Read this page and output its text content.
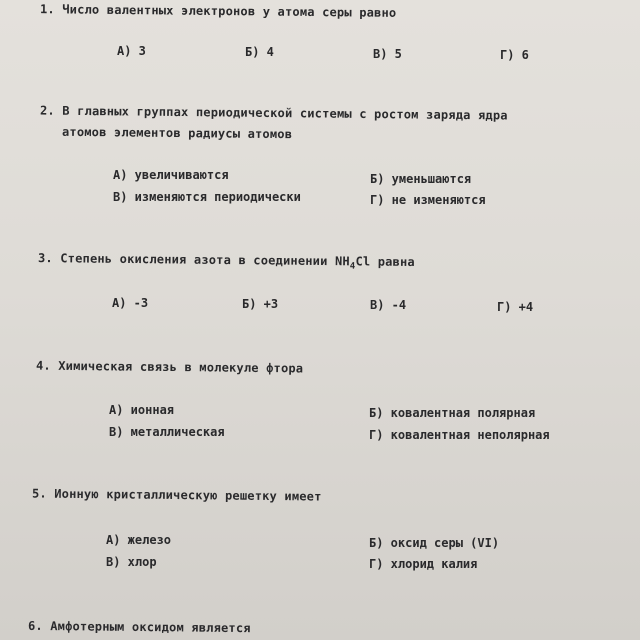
1. Число валентных электронов у атома серы равно
А) 3	Б) 4	В) 5	Г) 6
2. В главных группах периодической системы с ростом заряда ядра
атомов элементов радиусы атомов
А) увеличиваются	Б) уменьшаются
В) изменяются периодически	Г) не изменяются
3. Степень окисления азота в соединении $NH_4Cl$ равна
А) -3	Б) +3	В) -4	Г) +4
4. Химическая связь в молекуле фтора
А) ионная	Б) ковалентная полярная
В) металлическая	Г) ковалентная неполярная
5. Ионную кристаллическую решетку имеет
А) железо	Б) оксид серы (VI)
В) хлор	Г) хлорид калия
6. Амфотерным оксидом является
